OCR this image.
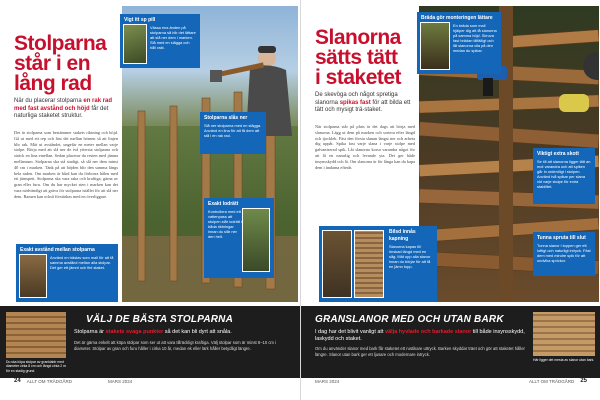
Stolparna
står i en
lång rad
När du placerar stolparna en rak rad med fast avstånd och höjd får det naturliga staketet struktur.
Det är stolparna som bestämmer stakets riktning och höjd. Gå ut med ett rep och fäst det mellan hörnen så att linjen blir rak. Mät ut avståndet, ungefär en meter mellan varje stolpe. Börja med att slå ner de två yttersta stolparna och sträck en lina emellan. Sedan placerar du resten med jämna mellanrum. Stolparna ska stå stadigt, så slå ner dem minst 40 cm i marken. Tänk på att höjden blir den samma längs hela raden. Om marken är hård kan du förborra hålen med ett järnspett. Stolparna ska vara raka och kraftiga, gärna av gran eller furu. Om du har mycket sten i marken kan det vara nödvändigt att gräva för stolparna istället för att slå ner dem. Ramen kan också förstärkas med en överliggare.
Vigt itt sp pill
Vässa ena änden på stolparna så blir det lättare att slå ner dem i marken. Slå med en slägga och håll rakt.
Stolparna slås ner
Slå ner stolparna med en slägga. Använd en lina för att få dem att stå i en rak rad.
Exakt lodrätt
Kontrollera med ett vattenpass att stolpen står lodrätt i båda riktningar innan du slår ner den helt.
Exakt avstånd mellan stolparna
Använd en trästav som mall för att få samma avstånd mellan alla stolpar. Det ger ett jämnt och fint staket.
Du ska köpa stolpar av granklabb med diameter cirka 8 cm och längd cirka 2 m för en stadig grund.
VÄLJ DE BÄSTA STOLPARNA
Stolparna är stakets svaga punkter så det kan bli dyrt att snåla.
Det är gärna enkelt att köpa stolpar som ser ut att vara tillräckligt kraftiga. Välj stolpar som är minst 8–10 cm i diameter. Stolpar av gran och furu håller i cirka 10 år, medan ek eller lärk håller betydligt längre.
24 ALLT OM TRÄDGÅRD	MARS 2024
Slanorna
sätts tätt
i staketet
De skevöga och något spretiga slanorna spikas fast för att bilda ett tätt och mysigt trä-staket.
När stolparna står på plats är det dags att börja med slanorna. Lägg ut dem på marken och sortera efter längd och tjocklek. Fäst den första slanan längst ner och arbeta dig uppåt. Spika fast varje slana i varje stolpe med galvaniserad spik. Låt slanorna korsa varandra något för att få en naturlig och levande yta. Det ger både insynsskydd och lä. Om slanorna är för långa kan du kapa dem i ändarna efteråt.
Bräda gör monteringen lättare
En bräda som mall hjälper dig att få slanorna på samma höjd. Skruva fast brädan tillfälligt och låt slanorna vila på den medan du spikar.
Viktigt extra skott
Se till att slanorna ligger tätt an mot varandra och att spiken går in ordentligt i stolpen. Använd två spikar per slana vid varje stolpe för extra stabilitet.
Tunna spruta till slut
Tunna slanor i toppen ger ett luftigt och naturligt intryck. Fäst dem med mindre spik för att undvika sprickor.
Bilsd innås kapning
Slanorna kapas till önskad längd med en såg. Mät upp alla slanor innan du börjar för att få en jämn topp.
GRANSLANOR MED OCH UTAN BARK
I dag har det blivit vanligt att välja hyvlade och barkade slanor till både insynsskydd, laskydd och staket.
Om du använder slanor med bark får staketet ett rustikare uttryck. Barken skyddar träet och gör att staketet håller längre. Slanor utan bark ger ett ljusare och modernare intryck.
Här ligger det mesta av slanor utan bark.
MARS 2024	ALLT OM TRÄDGÅRD 25
